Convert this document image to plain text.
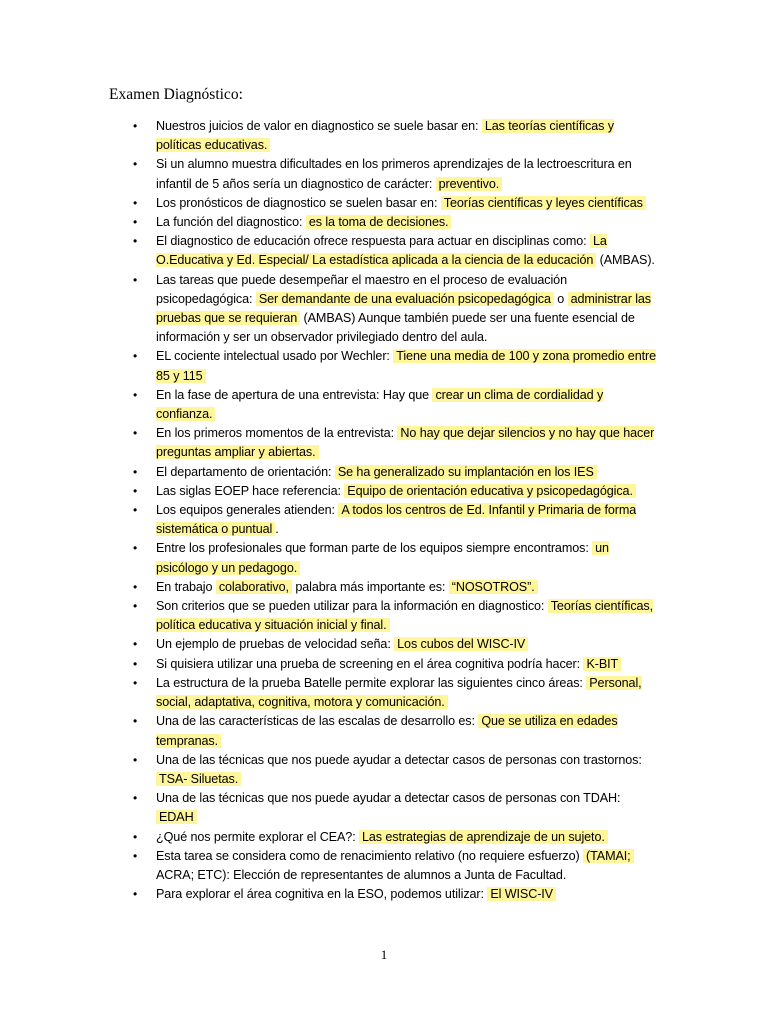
Examen Diagnóstico:
• Nuestros juicios de valor en diagnostico se suele basar en: Las teorías científicas y políticas educativas.
• Si un alumno muestra dificultades en los primeros aprendizajes de la lectroescritura en infantil de 5 años sería un diagnostico de carácter: preventivo.
• Los pronósticos de diagnostico se suelen basar en: Teorías científicas y leyes científicas
• La función del diagnostico: es la toma de decisiones.
• El diagnostico de educación ofrece respuesta para actuar en disciplinas como: La O.Educativa y Ed. Especial/ La estadística aplicada a la ciencia de la educación (AMBAS).
• Las tareas que puede desempeñar el maestro en el proceso de evaluación psicopedagógica: Ser demandante de una evaluación psicopedagógica o administrar las pruebas que se requieran (AMBAS) Aunque también puede ser una fuente esencial de información y ser un observador privilegiado dentro del aula.
• EL cociente intelectual usado por Wechler: Tiene una media de 100 y zona promedio entre 85 y 115
• En la fase de apertura de una entrevista: Hay que crear un clima de cordialidad y confianza.
• En los primeros momentos de la entrevista: No hay que dejar silencios y no hay que hacer preguntas ampliar y abiertas.
• El departamento de orientación: Se ha generalizado su implantación en los IES
• Las siglas EOEP hace referencia: Equipo de orientación educativa y psicopedagógica.
• Los equipos generales atienden: A todos los centros de Ed. Infantil y Primaria de forma sistemática o puntual .
• Entre los profesionales que forman parte de los equipos siempre encontramos: un psicólogo y un pedagogo.
• En trabajo colaborativo, palabra más importante es: “NOSOTROS”.
• Son criterios que se pueden utilizar para la información en diagnostico: Teorías científicas, política educativa y situación inicial y final.
• Un ejemplo de pruebas de velocidad seña: Los cubos del WISC-IV
• Si quisiera utilizar una prueba de screening en el área cognitiva podría hacer: K-BIT
• La estructura de la prueba Batelle permite explorar las siguientes cinco áreas: Personal, social, adaptativa, cognitiva, motora y comunicación.
• Una de las características de las escalas de desarrollo es: Que se utiliza en edades tempranas.
• Una de las técnicas que nos puede ayudar a detectar casos de personas con trastornos: TSA- Siluetas.
• Una de las técnicas que nos puede ayudar a detectar casos de personas con TDAH: EDAH
• ¿Qué nos permite explorar el CEA?: Las estrategias de aprendizaje de un sujeto.
• Esta tarea se considera como de renacimiento relativo (no requiere esfuerzo) (TAMAI; ACRA; ETC): Elección de representantes de alumnos a Junta de Facultad.
• Para explorar el área cognitiva en la ESO, podemos utilizar: El WISC-IV
1
